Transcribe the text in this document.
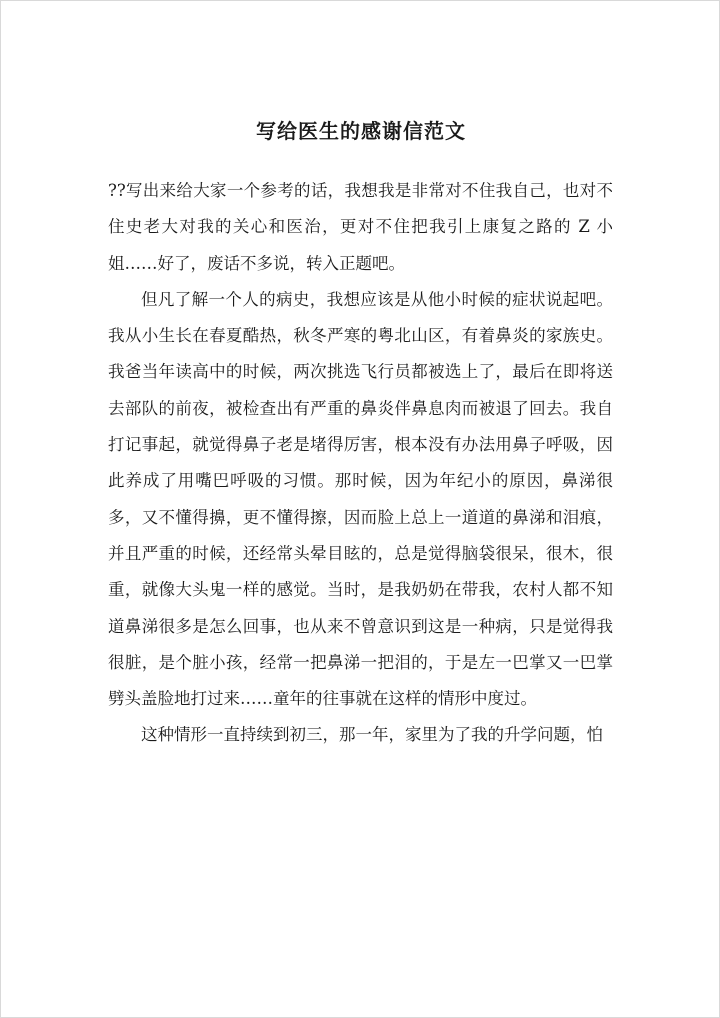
写给医生的感谢信范文

??写出来给大家一个参考的话，我想我是非常对不住我自己，也对不住史老大对我的关心和医治，更对不住把我引上康复之路的 Z 小姐……好了，废话不多说，转入正题吧。

但凡了解一个人的病史，我想应该是从他小时候的症状说起吧。我从小生长在春夏酷热，秋冬严寒的粤北山区，有着鼻炎的家族史。我爸当年读高中的时候，两次挑选飞行员都被选上了，最后在即将送去部队的前夜，被检查出有严重的鼻炎伴鼻息肉而被退了回去。我自打记事起，就觉得鼻子老是堵得厉害，根本没有办法用鼻子呼吸，因此养成了用嘴巴呼吸的习惯。那时候，因为年纪小的原因，鼻涕很多，又不懂得擤，更不懂得擦，因而脸上总上一道道的鼻涕和泪痕，并且严重的时候，还经常头晕目眩的，总是觉得脑袋很呆，很木，很重，就像大头鬼一样的感觉。当时，是我奶奶在带我，农村人都不知道鼻涕很多是怎么回事，也从来不曾意识到这是一种病，只是觉得我很脏，是个脏小孩，经常一把鼻涕一把泪的，于是左一巴掌又一巴掌劈头盖脸地打过来……童年的往事就在这样的情形中度过。

这种情形一直持续到初三，那一年，家里为了我的升学问题，怕
